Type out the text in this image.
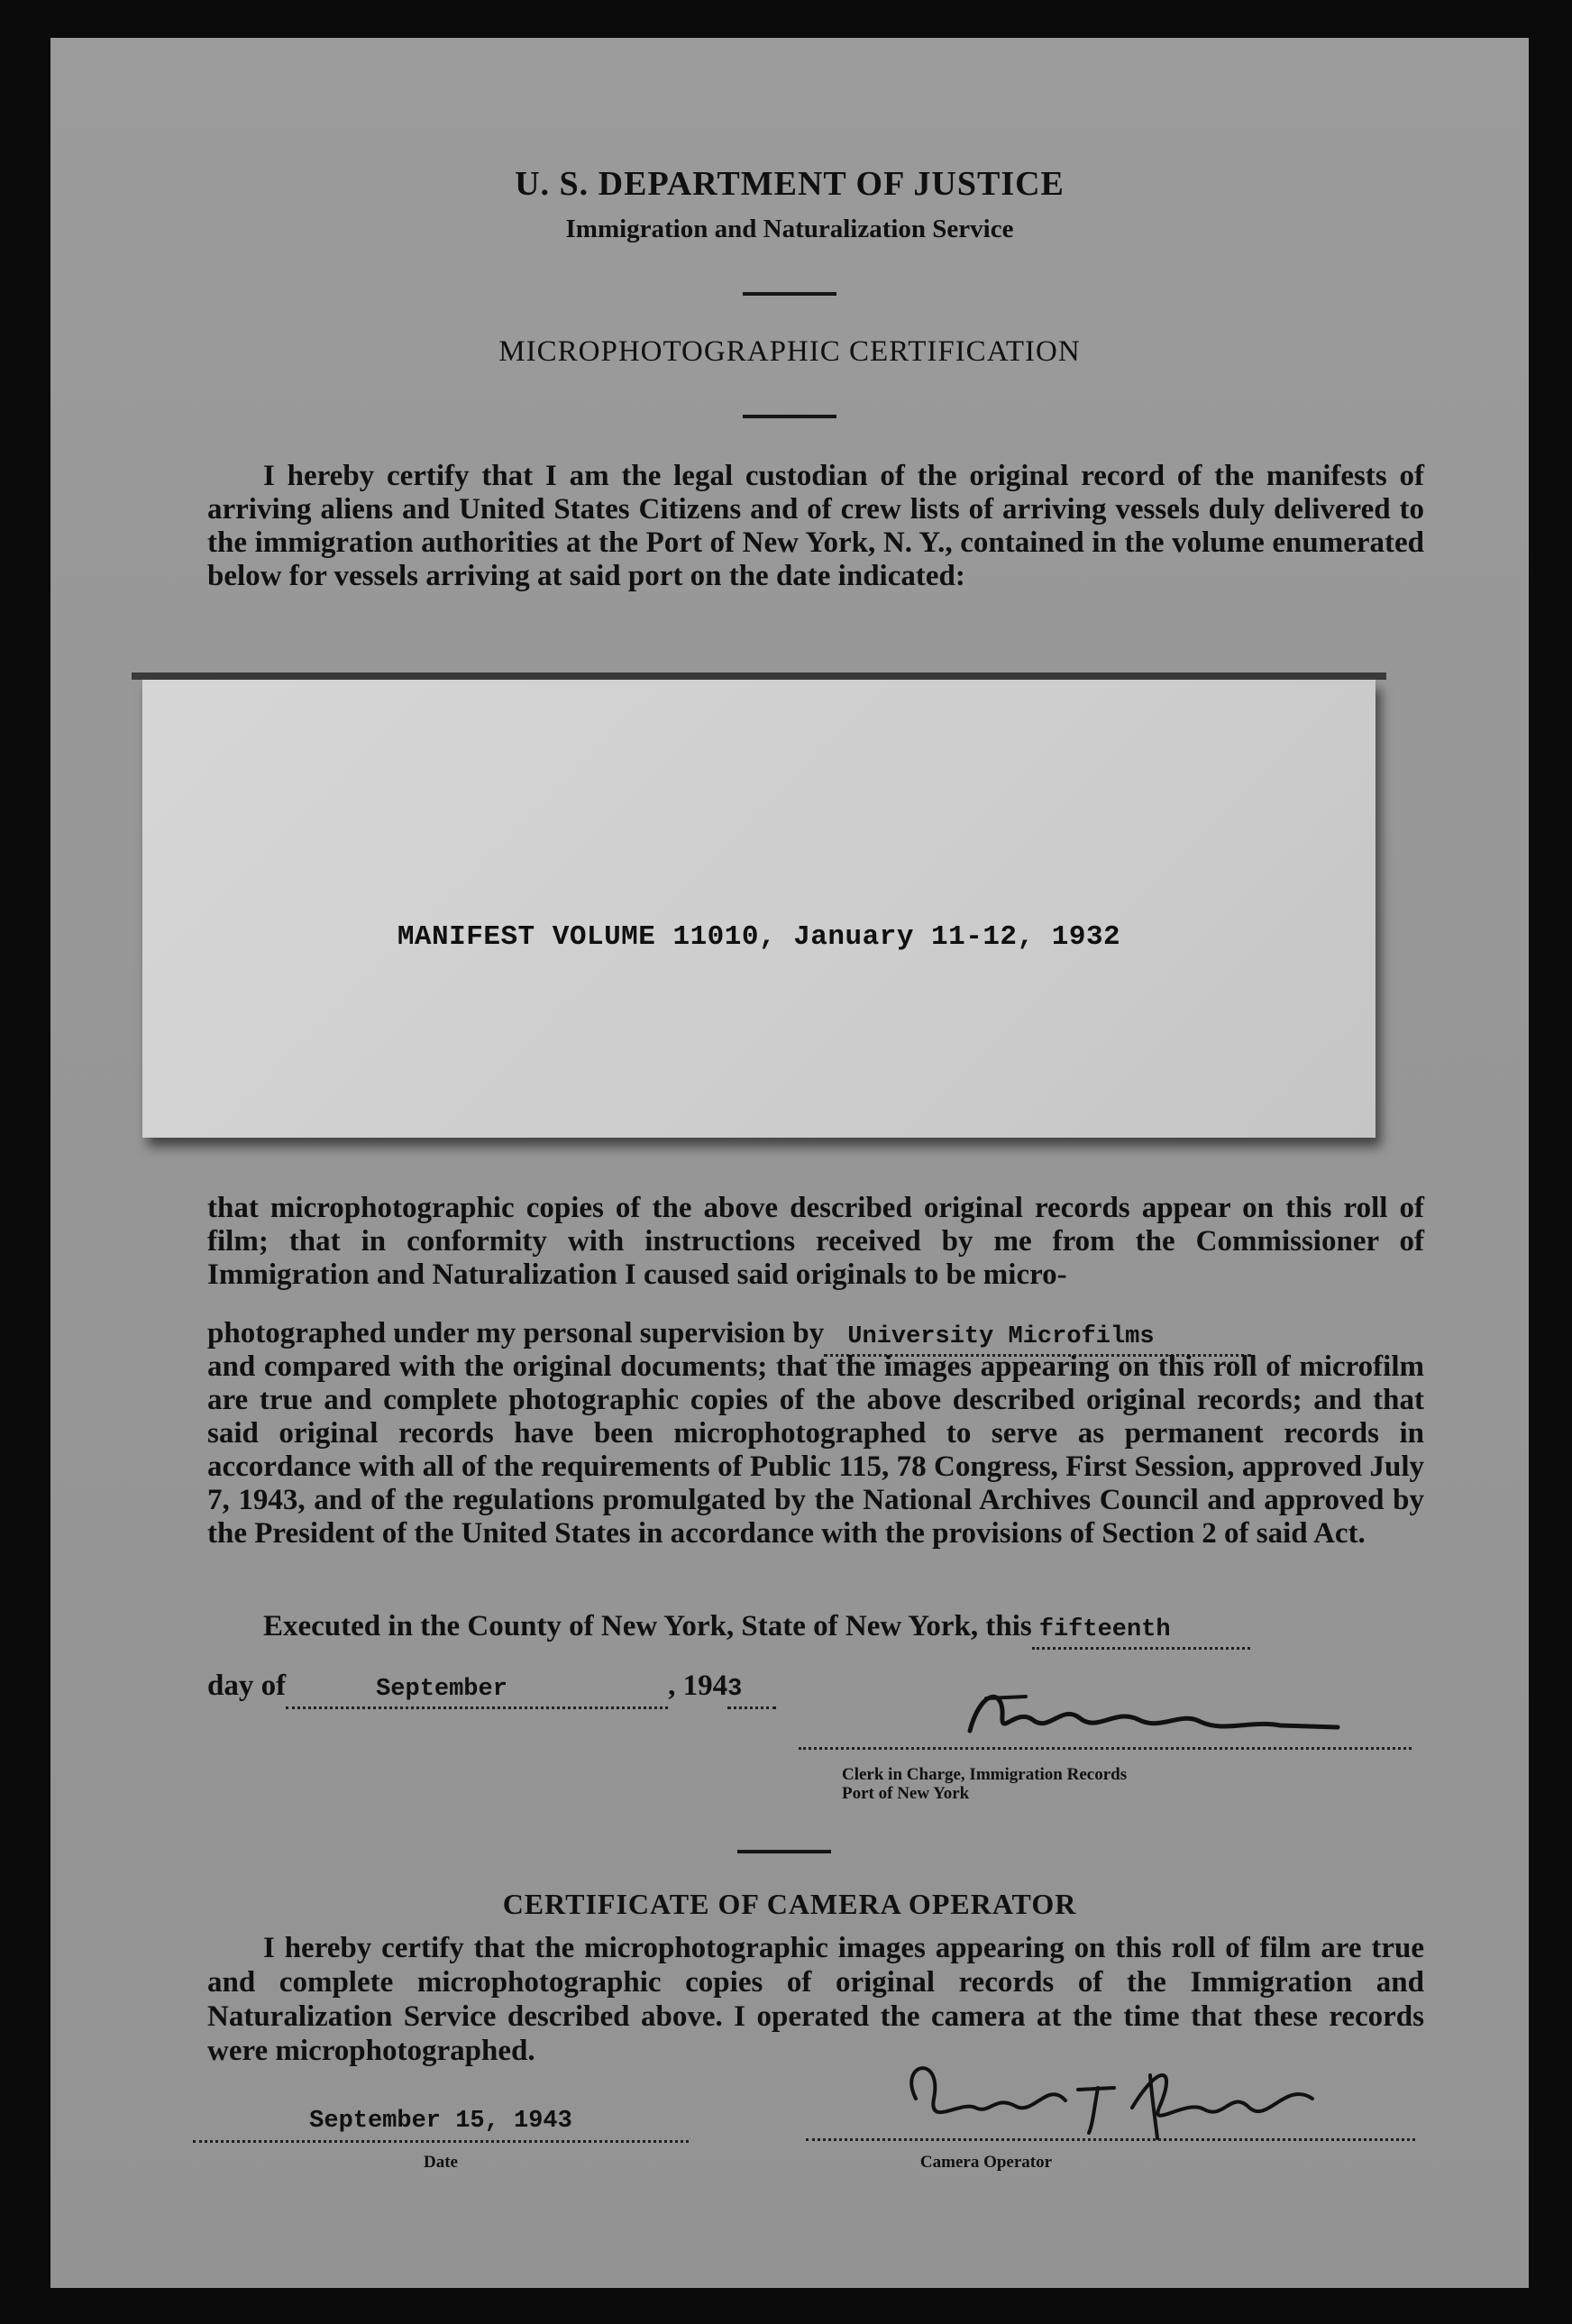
U. S. DEPARTMENT OF JUSTICE
Immigration and Naturalization Service
MICROPHOTOGRAPHIC CERTIFICATION
I hereby certify that I am the legal custodian of the original record of the manifests of arriving aliens and United States Citizens and of crew lists of arriving vessels duly delivered to the immigration authorities at the Port of New York, N. Y., contained in the volume enumerated below for vessels arriving at said port on the date indicated:
MANIFEST VOLUME 11010, January 11-12, 1932
that microphotographic copies of the above described original records appear on this roll of film; that in conformity with instructions received by me from the Commissioner of Immigration and Naturalization I caused said originals to be micro-
photographed under my personal supervision by University Microfilms
and compared with the original documents; that the images appearing on this roll of microfilm are true and complete photographic copies of the above described original records; and that said original records have been microphotographed to serve as permanent records in accordance with all of the requirements of Public 115, 78 Congress, First Session, approved July 7, 1943, and of the regulations promulgated by the National Archives Council and approved by the President of the United States in accordance with the provisions of Section 2 of said Act.
Executed in the County of New York, State of New York, this fifteenth
day of	September	, 1943
Clerk in Charge, Immigration Records
Port of New York
CERTIFICATE OF CAMERA OPERATOR
I hereby certify that the microphotographic images appearing on this roll of film are true and complete microphotographic copies of original records of the Immigration and Naturalization Service described above. I operated the camera at the time that these records were microphotographed.
September 15, 1943
Date	Camera Operator
